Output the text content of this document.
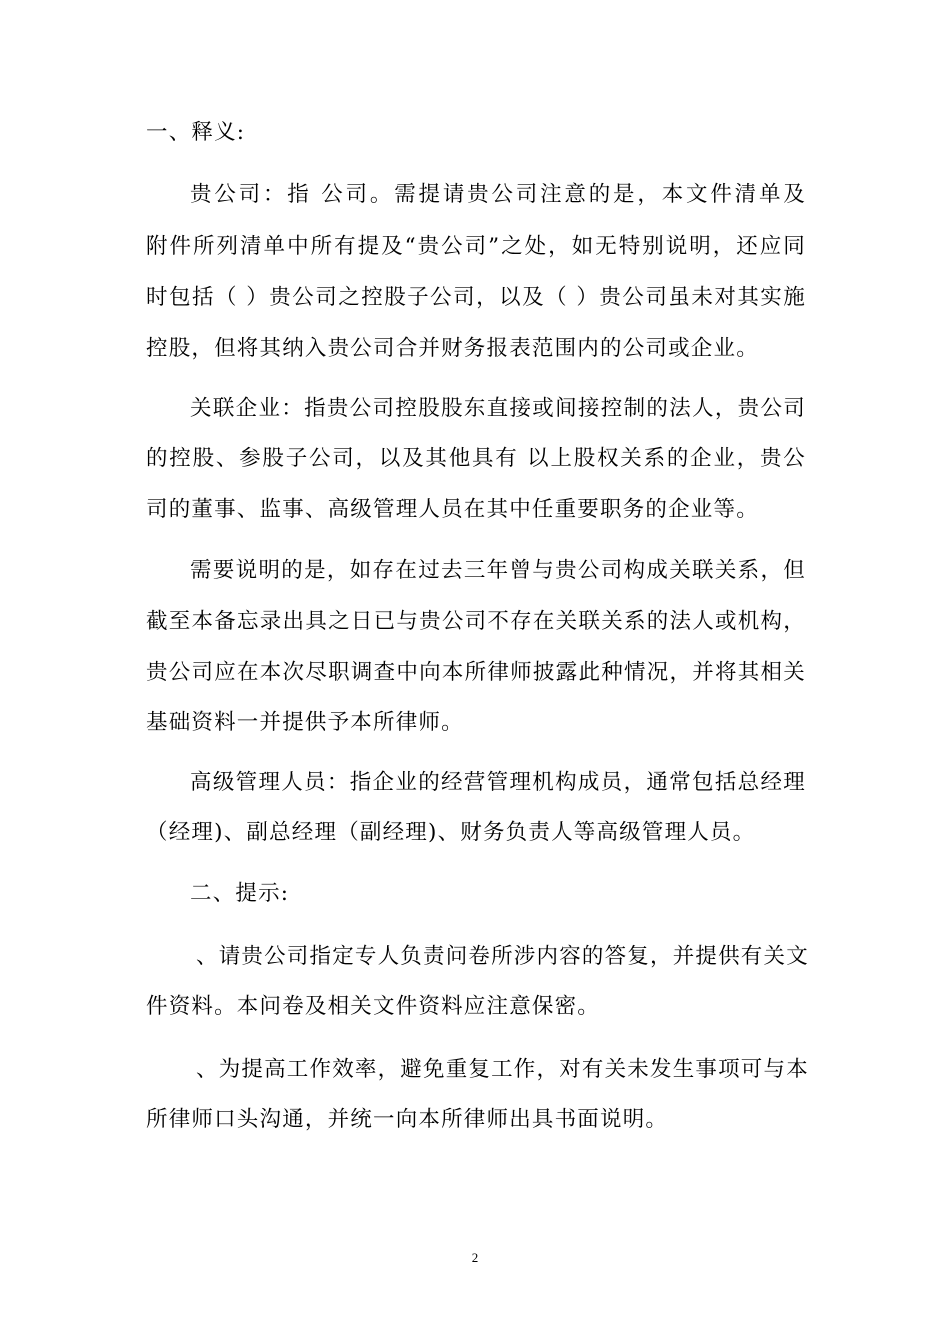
一、释义:
贵公司：指 公司。需提请贵公司注意的是，本文件清单及
附件所列清单中所有提及“贵公司”之处，如无特别说明，还应同
时包括（ ）贵公司之控股子公司，以及（ ）贵公司虽未对其实施
控股，但将其纳入贵公司合并财务报表范围内的公司或企业。
关联企业：指贵公司控股股东直接或间接控制的法人，贵公司
的控股、参股子公司，以及其他具有 以上股权关系的企业，贵公
司的董事、监事、高级管理人员在其中任重要职务的企业等。
需要说明的是，如存在过去三年曾与贵公司构成关联关系，但
截至本备忘录出具之日已与贵公司不存在关联关系的法人或机构，
贵公司应在本次尽职调查中向本所律师披露此种情况，并将其相关
基础资料一并提供予本所律师。
高级管理人员：指企业的经营管理机构成员，通常包括总经理
（经理)、副总经理（副经理)、财务负责人等高级管理人员。
二、提示:
、请贵公司指定专人负责问卷所涉内容的答复，并提供有关文
件资料。本问卷及相关文件资料应注意保密。
、为提高工作效率，避免重复工作，对有关未发生事项可与本
所律师口头沟通，并统一向本所律师出具书面说明。
2
